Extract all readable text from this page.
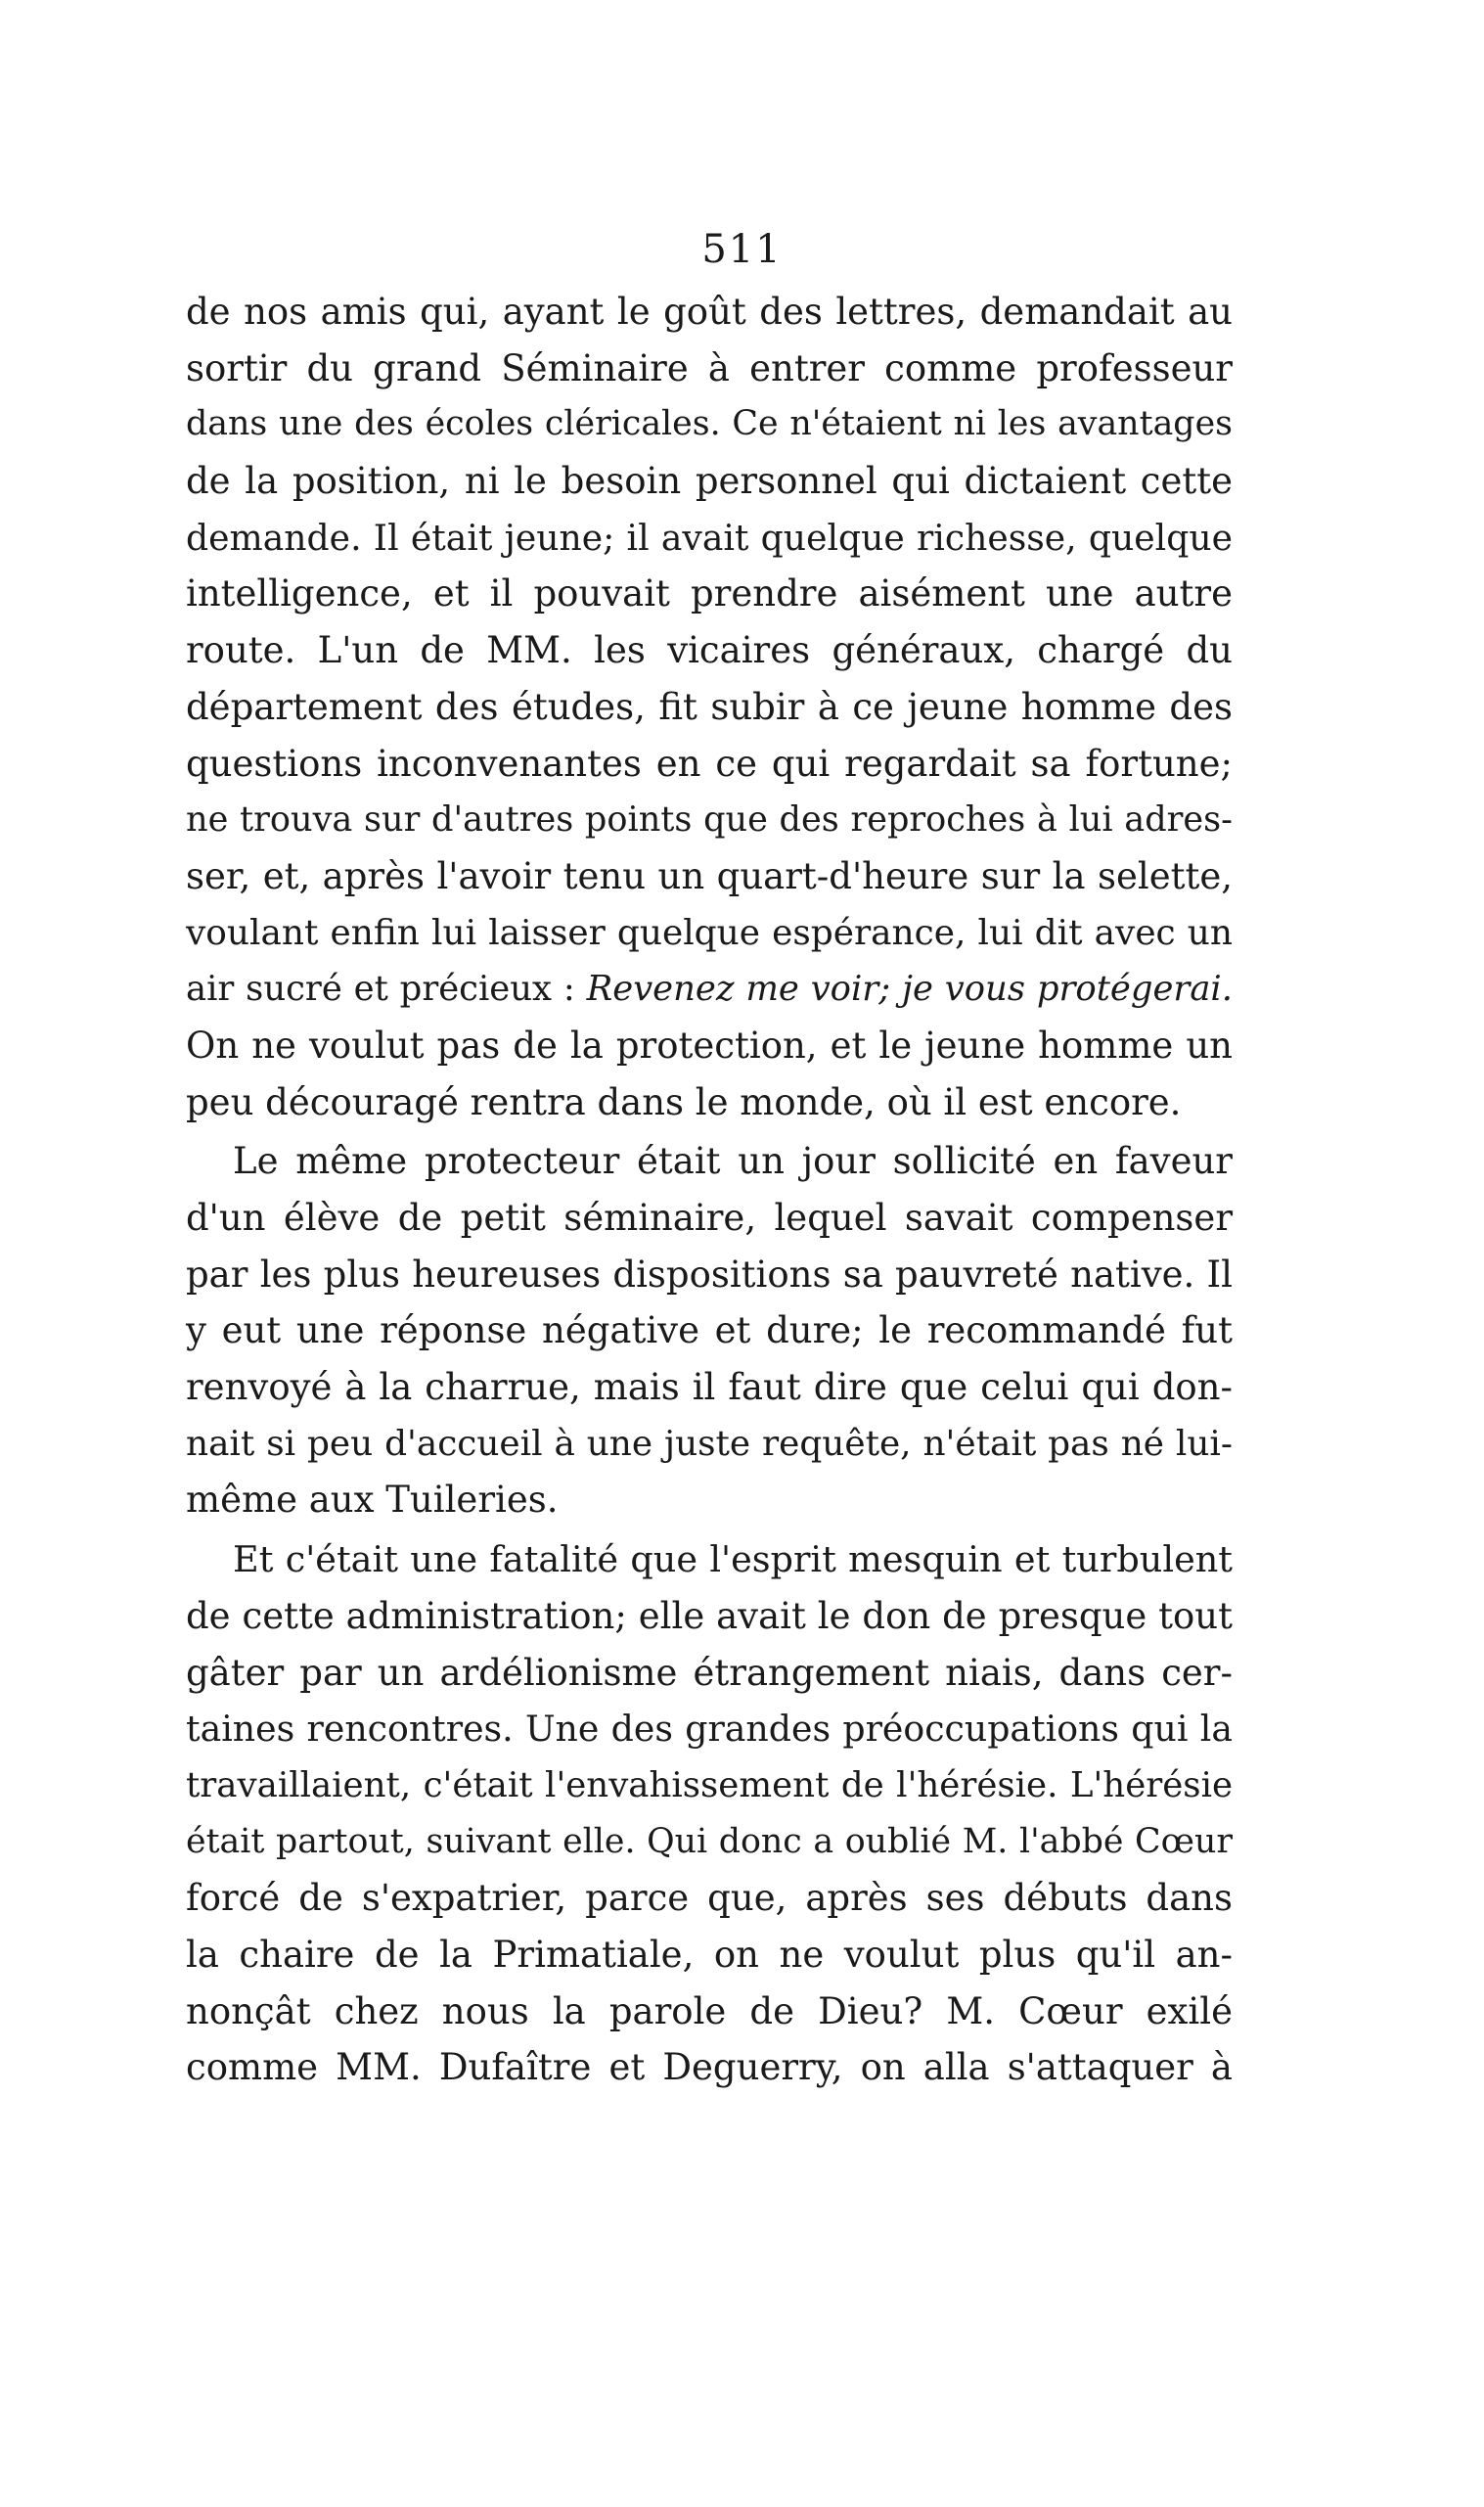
511
de nos amis qui, ayant le goût des lettres, demandait au
sortir du grand Séminaire à entrer comme professeur
dans une des écoles cléricales. Ce n'étaient ni les avantages
de la position, ni le besoin personnel qui dictaient cette
demande. Il était jeune; il avait quelque richesse, quelque
intelligence, et il pouvait prendre aisément une autre
route. L'un de MM. les vicaires généraux, chargé du
département des études, fit subir à ce jeune homme des
questions inconvenantes en ce qui regardait sa fortune;
ne trouva sur d'autres points que des reproches à lui adres-
ser, et, après l'avoir tenu un quart-d'heure sur la selette,
voulant enfin lui laisser quelque espérance, lui dit avec un
air sucré et précieux : Revenez me voir; je vous protégerai.
On ne voulut pas de la protection, et le jeune homme un
peu découragé rentra dans le monde, où il est encore.
Le même protecteur était un jour sollicité en faveur
d'un élève de petit séminaire, lequel savait compenser
par les plus heureuses dispositions sa pauvreté native. Il
y eut une réponse négative et dure; le recommandé fut
renvoyé à la charrue, mais il faut dire que celui qui don-
nait si peu d'accueil à une juste requête, n'était pas né lui-
même aux Tuileries.
Et c'était une fatalité que l'esprit mesquin et turbulent
de cette administration; elle avait le don de presque tout
gâter par un ardélionisme étrangement niais, dans cer-
taines rencontres. Une des grandes préoccupations qui la
travaillaient, c'était l'envahissement de l'hérésie. L'hérésie
était partout, suivant elle. Qui donc a oublié M. l'abbé Cœur
forcé de s'expatrier, parce que, après ses débuts dans
la chaire de la Primatiale, on ne voulut plus qu'il an-
nonçât chez nous la parole de Dieu? M. Cœur exilé
comme MM. Dufaître et Deguerry, on alla s'attaquer à
